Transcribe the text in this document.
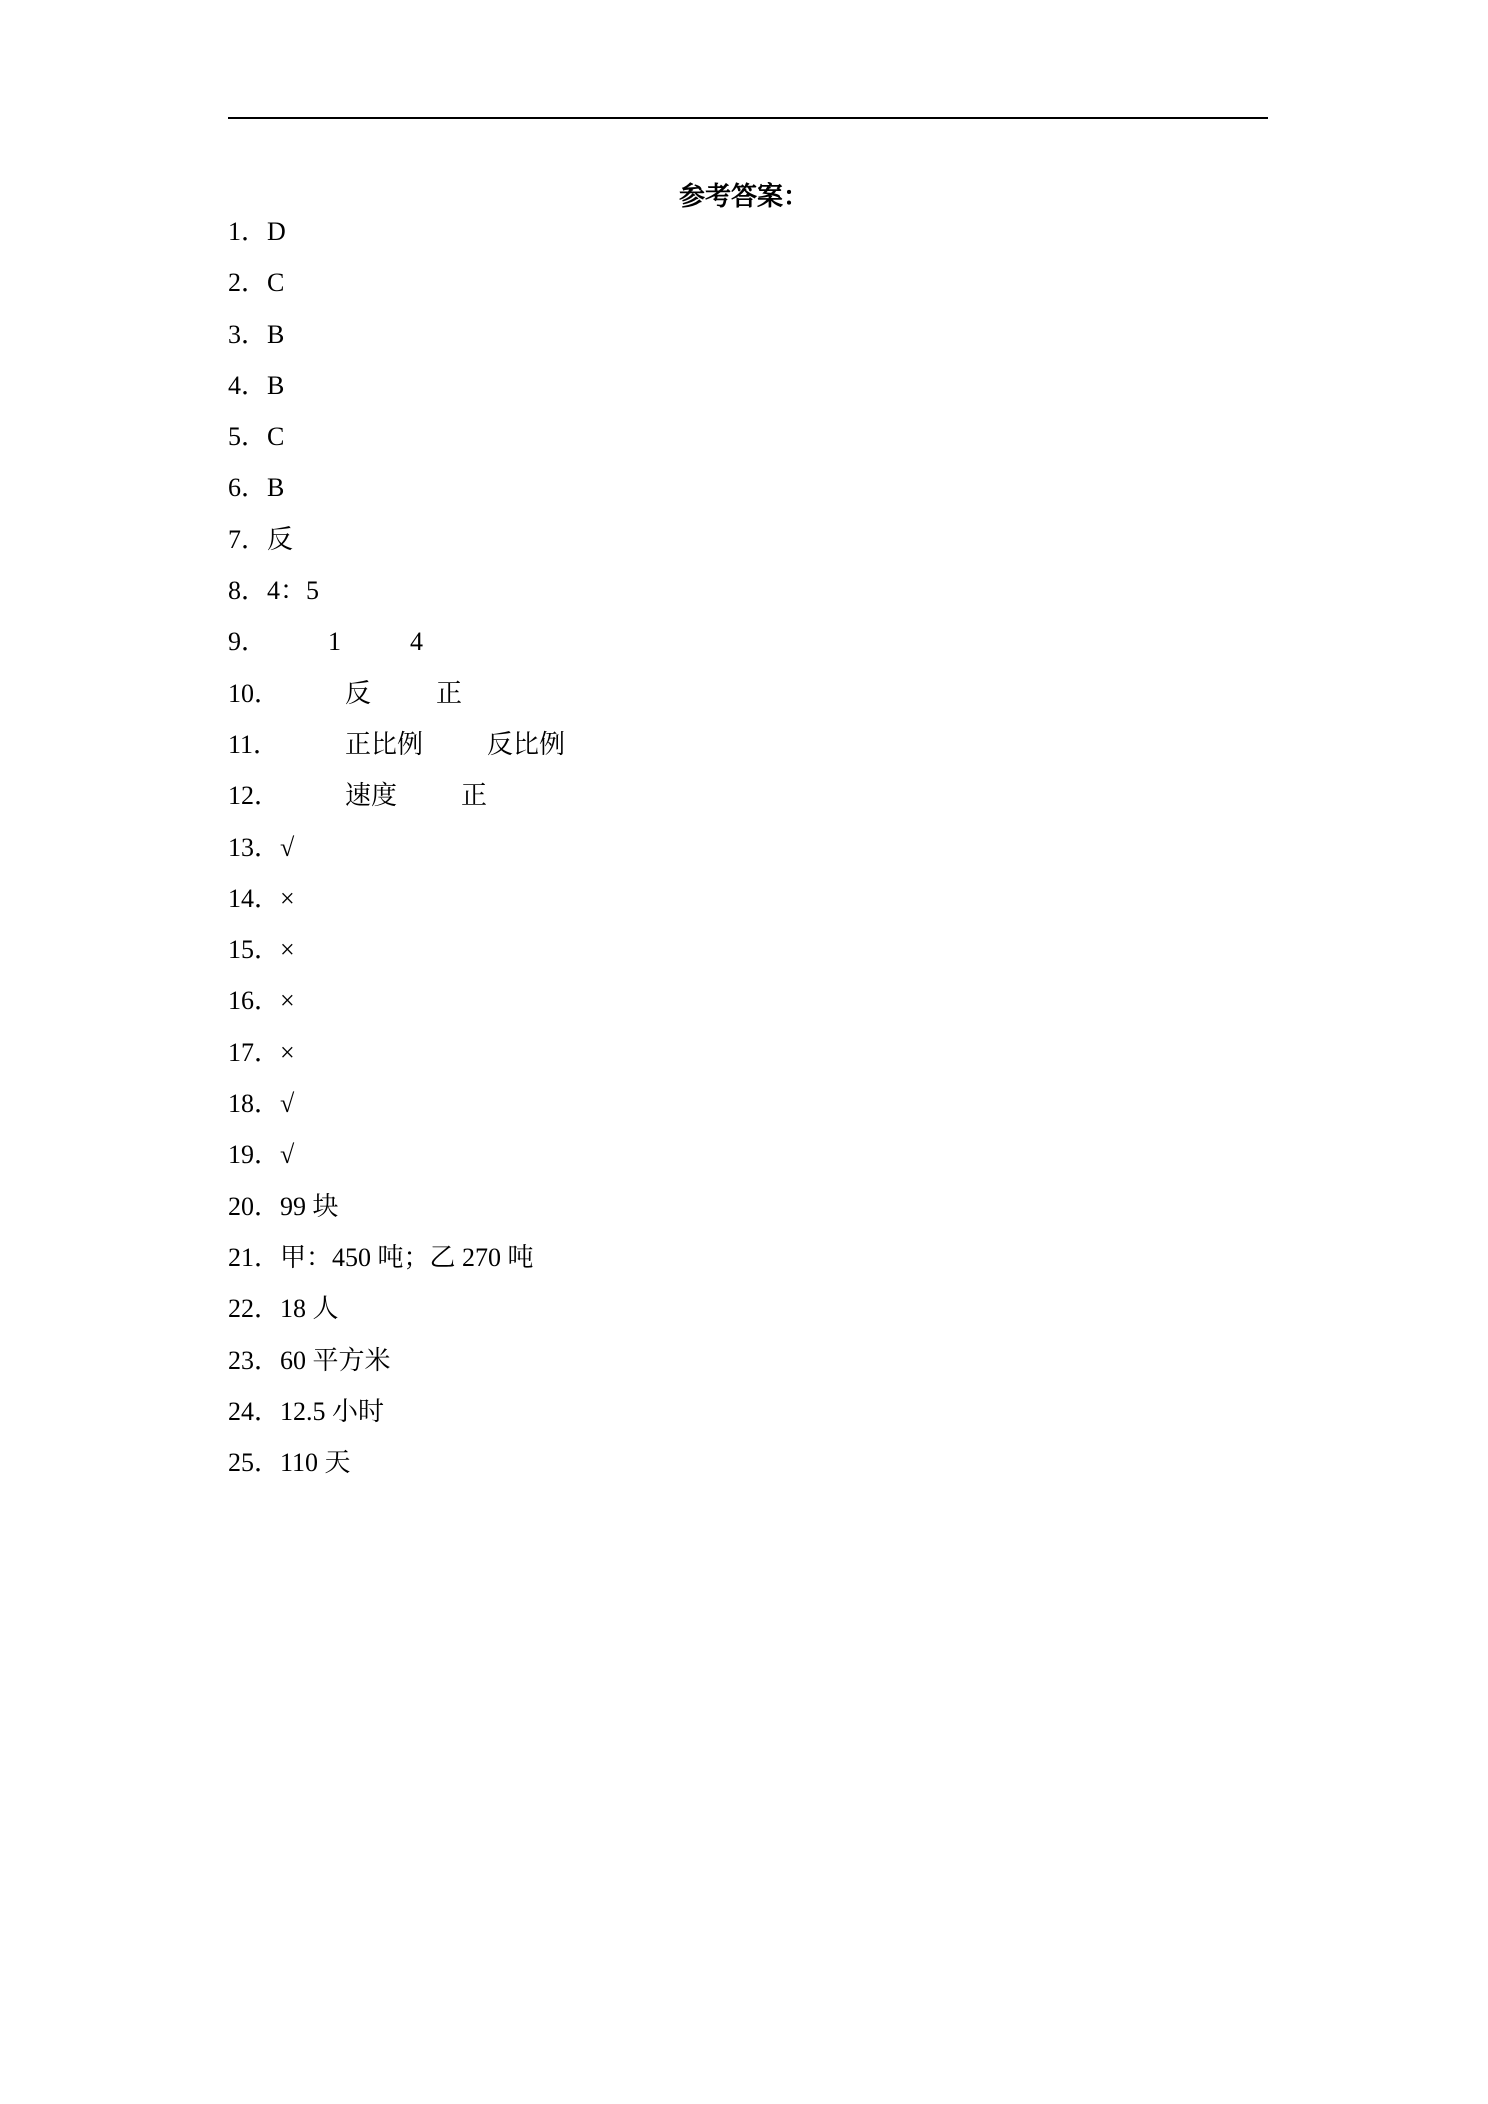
参考答案：
1．D
2．C
3．B
4．B
5．C
6．B
7．反
8．4：5
9． 1	4
10． 反 正
11．	正比例 反比例
12． 速度 正
13．√
14．×
15．×
16．×
17．×
18．√
19．√
20．99 块
21．甲：450 吨；乙 270 吨
22．18 人
23．60 平方米
24．12.5 小时
25．110 天
